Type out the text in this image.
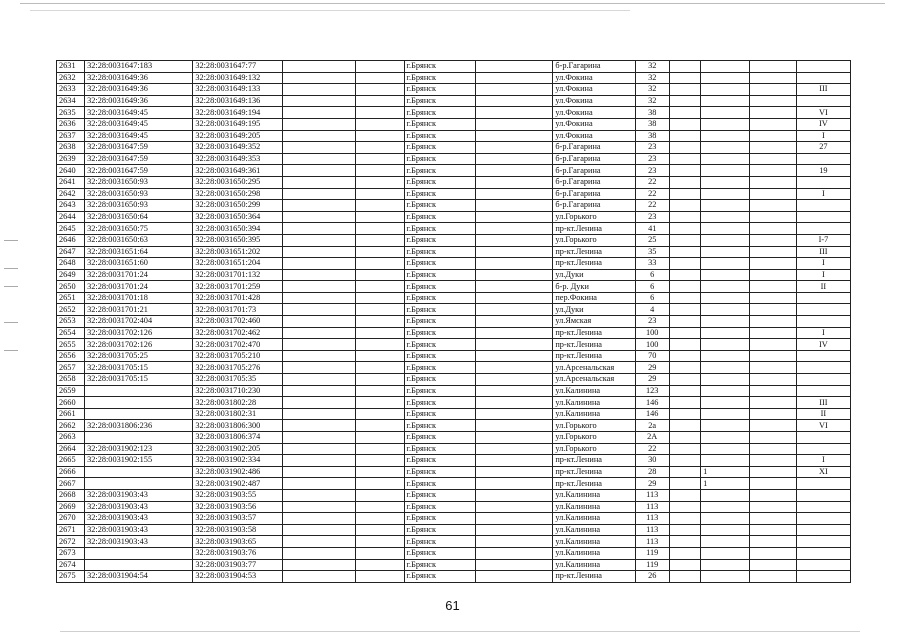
2631	32:28:0031647:183	32:28:0031647:77			г.Брянск		б-р.Гагарина	32				
2632	32:28:0031649:36	32:28:0031649:132			г.Брянск		ул.Фокина	32				
2633	32:28:0031649:36	32:28:0031649:133			г.Брянск		ул.Фокина	32				III
2634	32:28:0031649:36	32:28:0031649:136			г.Брянск		ул.Фокина	32				
2635	32:28:0031649:45	32:28:0031649:194			г.Брянск		ул.Фокина	38				VI
2636	32:28:0031649:45	32:28:0031649:195			г.Брянск		ул.Фокина	38				IV
2637	32:28:0031649:45	32:28:0031649:205			г.Брянск		ул.Фокина	38				I
2638	32:28:0031647:59	32:28:0031649:352			г.Брянск		б-р.Гагарина	23				27
2639	32:28:0031647:59	32:28:0031649:353			г.Брянск		б-р.Гагарина	23				
2640	32:28:0031647:59	32:28:0031649:361			г.Брянск		б-р.Гагарина	23				19
2641	32:28:0031650:93	32:28:0031650:295			г.Брянск		б-р.Гагарина	22				
2642	32:28:0031650:93	32:28:0031650:298			г.Брянск		б-р.Гагарина	22				I
2643	32:28:0031650:93	32:28:0031650:299			г.Брянск		б-р.Гагарина	22				
2644	32:28:0031650:64	32:28:0031650:364			г.Брянск		ул.Горького	23				
2645	32:28:0031650:75	32:28:0031650:394			г.Брянск		пр-кт.Ленина	41				
2646	32:28:0031650:63	32:28:0031650:395			г.Брянск		ул.Горького	25				I-7
2647	32:28:0031651:64	32:28:0031651:202			г.Брянск		пр-кт.Ленина	35				III
2648	32:28:0031651:60	32:28:0031651:204			г.Брянск		пр-кт.Ленина	33				I
2649	32:28:0031701:24	32:28:0031701:132			г.Брянск		ул.Дуки	6				I
2650	32:28:0031701:24	32:28:0031701:259			г.Брянск		б-р. Дуки	6				II
2651	32:28:0031701:18	32:28:0031701:428			г.Брянск		пер.Фокина	6				
2652	32:28:0031701:21	32:28:0031701:73			г.Брянск		ул.Дуки	4				
2653	32:28:0031702:404	32:28:0031702:460			г.Брянск		ул.Ямская	23				
2654	32:28:0031702:126	32:28:0031702:462			г.Брянск		пр-кт.Ленина	100				I
2655	32:28:0031702:126	32:28:0031702:470			г.Брянск		пр-кт.Ленина	100				IV
2656	32:28:0031705:25	32:28:0031705:210			г.Брянск		пр-кт.Ленина	70				
2657	32:28:0031705:15	32:28:0031705:276			г.Брянск		ул.Арсенальская	29				
2658	32:28:0031705:15	32:28:0031705:35			г.Брянск		ул.Арсенальская	29				
2659		32:28:0031710:230			г.Брянск		ул.Калинина	123				
2660		32:28:0031802:28			г.Брянск		ул.Калинина	146				III
2661		32:28:0031802:31			г.Брянск		ул.Калинина	146				II
2662	32:28:0031806:236	32:28:0031806:300			г.Брянск		ул.Горького	2a				VI
2663		32:28:0031806:374			г.Брянск		ул.Горького	2A				
2664	32:28:0031902:123	32:28:0031902:205			г.Брянск		ул.Горького	22				
2665	32:28:0031902:155	32:28:0031902:334			г.Брянск		пр-кт.Ленина	30				I
2666		32:28:0031902:486			г.Брянск		пр-кт.Ленина	28		1		XI
2667		32:28:0031902:487			г.Брянск		пр-кт.Ленина	29		1		
2668	32:28:0031903:43	32:28:0031903:55			г.Брянск		ул.Калинина	113				
2669	32:28:0031903:43	32:28:0031903:56			г.Брянск		ул.Калинина	113				
2670	32:28:0031903:43	32:28:0031903:57			г.Брянск		ул.Калинина	113				
2671	32:28:0031903:43	32:28:0031903:58			г.Брянск		ул.Калинина	113				
2672	32:28:0031903:43	32:28:0031903:65			г.Брянск		ул.Калинина	113				
2673		32:28:0031903:76			г.Брянск		ул.Калинина	119				
2674		32:28:0031903:77			г.Брянск		ул.Калинина	119				
2675	32:28:0031904:54	32:28:0031904:53			г.Брянск		пр-кт.Ленина	26				
61
